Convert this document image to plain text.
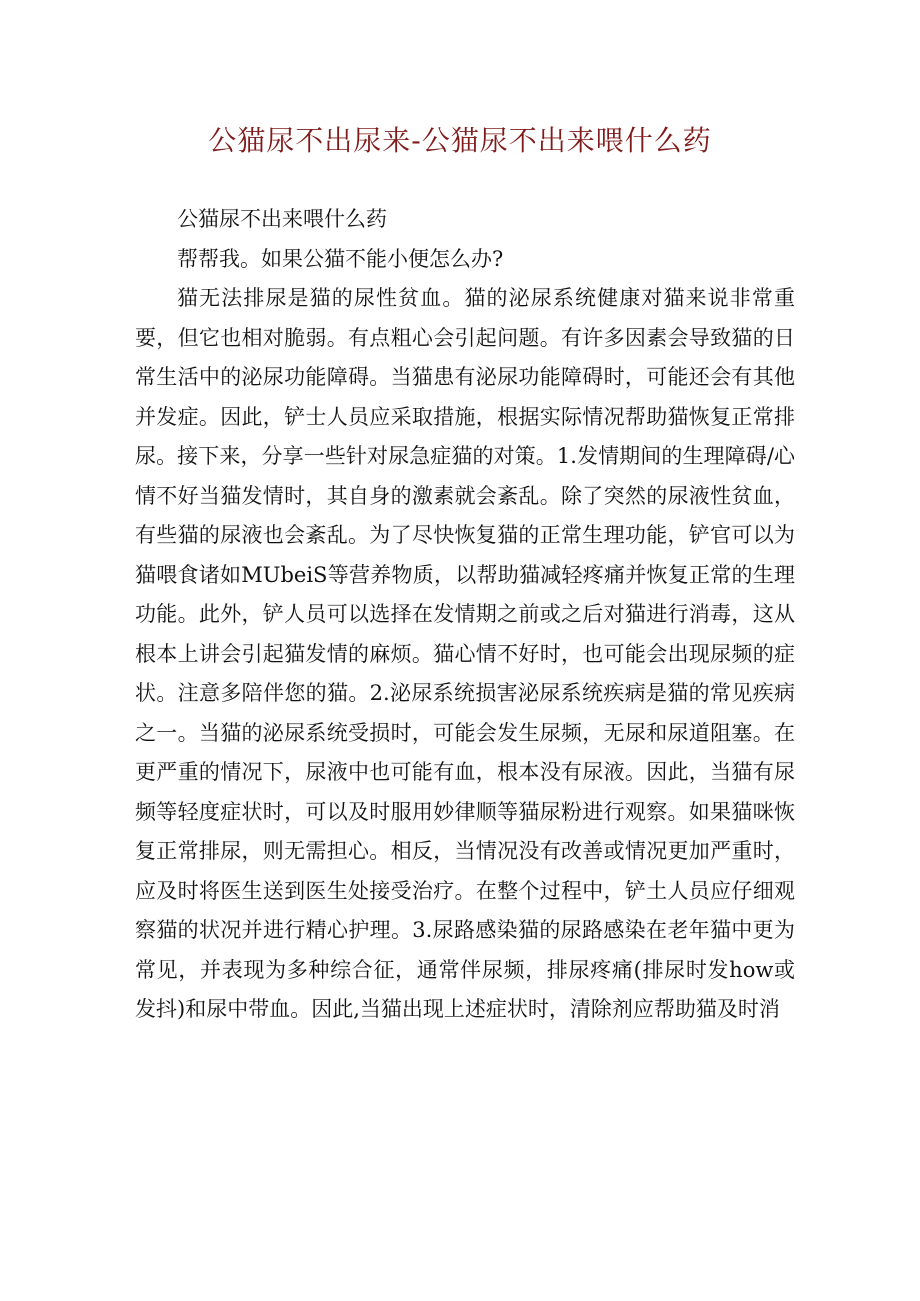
公猫尿不出尿来-公猫尿不出来喂什么药

公猫尿不出来喂什么药

帮帮我。如果公猫不能小便怎么办?

猫无法排尿是猫的尿性贫血。猫的泌尿系统健康对猫来说非常重要，但它也相对脆弱。有点粗心会引起问题。有许多因素会导致猫的日常生活中的泌尿功能障碍。当猫患有泌尿功能障碍时，可能还会有其他并发症。因此，铲士人员应采取措施，根据实际情况帮助猫恢复正常排尿。接下来，分享一些针对尿急症猫的对策。1.发情期间的生理障碍/心情不好当猫发情时，其自身的激素就会紊乱。除了突然的尿液性贫血，有些猫的尿液也会紊乱。为了尽快恢复猫的正常生理功能，铲官可以为猫喂食诸如MUbeiS等营养物质，以帮助猫减轻疼痛并恢复正常的生理功能。此外，铲人员可以选择在发情期之前或之后对猫进行消毒，这从根本上讲会引起猫发情的麻烦。猫心情不好时，也可能会出现尿频的症状。注意多陪伴您的猫。2.泌尿系统损害泌尿系统疾病是猫的常见疾病之一。当猫的泌尿系统受损时，可能会发生尿频，无尿和尿道阻塞。在更严重的情况下，尿液中也可能有血，根本没有尿液。因此，当猫有尿频等轻度症状时，可以及时服用妙律顺等猫尿粉进行观察。如果猫咪恢复正常排尿，则无需担心。相反，当情况没有改善或情况更加严重时，应及时将医生送到医生处接受治疗。在整个过程中，铲土人员应仔细观察猫的状况并进行精心护理。3.尿路感染猫的尿路感染在老年猫中更为常见，并表现为多种综合征，通常伴尿频，排尿疼痛(排尿时发how或发抖)和尿中带血。因此,当猫出现上述症状时，清除剂应帮助猫及时消
